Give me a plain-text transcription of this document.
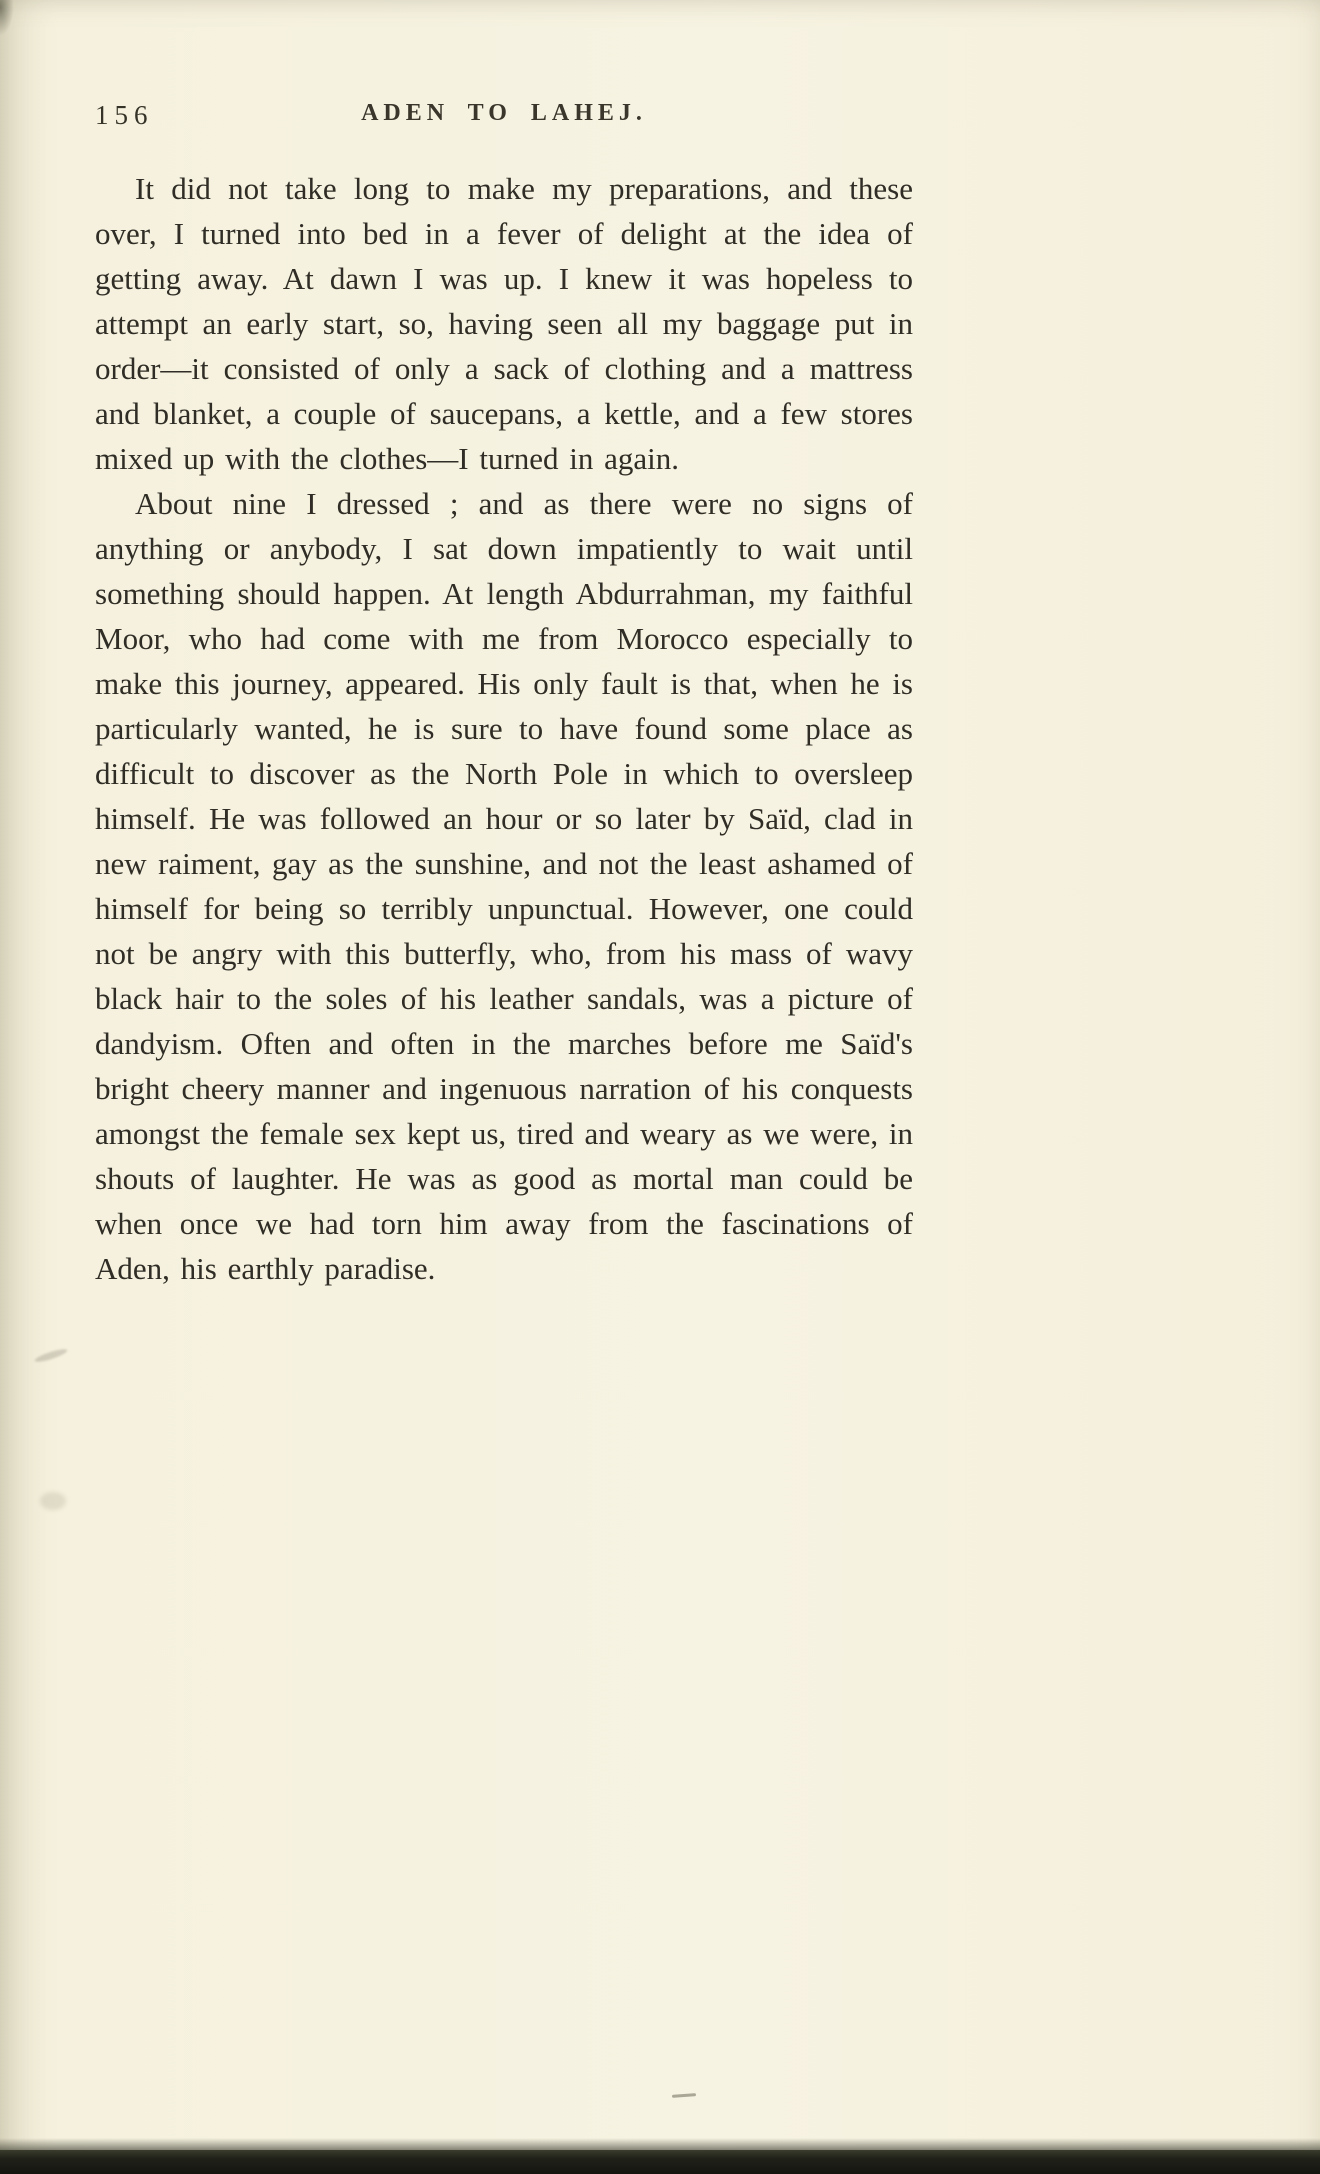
156	ADEN TO LAHEJ.

It did not take long to make my preparations, and these over, I turned into bed in a fever of delight at the idea of getting away. At dawn I was up. I knew it was hopeless to attempt an early start, so, having seen all my baggage put in order—it consisted of only a sack of clothing and a mattress and blanket, a couple of saucepans, a kettle, and a few stores mixed up with the clothes—I turned in again.

About nine I dressed ; and as there were no signs of anything or anybody, I sat down impatiently to wait until something should happen. At length Abdurrahman, my faithful Moor, who had come with me from Morocco especially to make this journey, appeared. His only fault is that, when he is particularly wanted, he is sure to have found some place as difficult to discover as the North Pole in which to oversleep himself. He was followed an hour or so later by Saïd, clad in new raiment, gay as the sunshine, and not the least ashamed of himself for being so terribly unpunctual. However, one could not be angry with this butterfly, who, from his mass of wavy black hair to the soles of his leather sandals, was a picture of dandyism. Often and often in the marches before me Saïd's bright cheery manner and ingenuous narration of his conquests amongst the female sex kept us, tired and weary as we were, in shouts of laughter. He was as good as mortal man could be when once we had torn him away from the fascinations of Aden, his earthly paradise.
